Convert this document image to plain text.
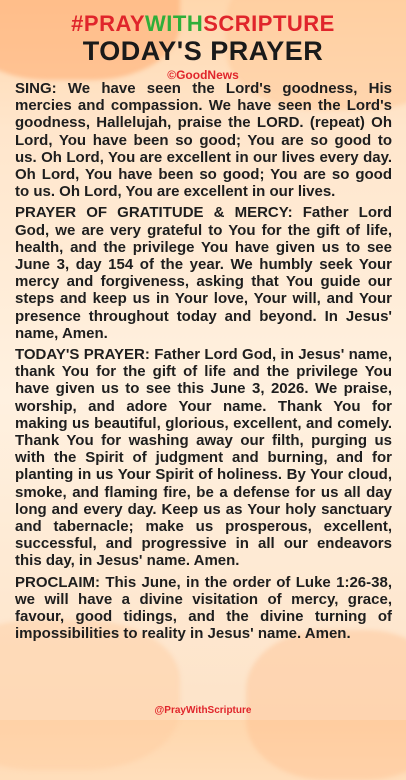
#PRAYWITHSCRIPTURE
TODAY'S PRAYER
©GoodNews

SING: We have seen the Lord's goodness, His mercies and compassion. We have seen the Lord's goodness, Hallelujah, praise the LORD. (repeat) Oh Lord, You have been so good; You are so good to us. Oh Lord, You are excellent in our lives every day. Oh Lord, You have been so good; You are so good to us. Oh Lord, You are excellent in our lives.

PRAYER OF GRATITUDE & MERCY: Father Lord God, we are very grateful to You for the gift of life, health, and the privilege You have given us to see June 3, day 154 of the year. We humbly seek Your mercy and forgiveness, asking that You guide our steps and keep us in Your love, Your will, and Your presence throughout today and beyond. In Jesus' name, Amen.

TODAY'S PRAYER: Father Lord God, in Jesus' name, thank You for the gift of life and the privilege You have given us to see this June 3, 2026. We praise, worship, and adore Your name. Thank You for making us beautiful, glorious, excellent, and comely. Thank You for washing away our filth, purging us with the Spirit of judgment and burning, and for planting in us Your Spirit of holiness. By Your cloud, smoke, and flaming fire, be a defense for us all day long and every day. Keep us as Your holy sanctuary and tabernacle; make us prosperous, excellent, successful, and progressive in all our endeavors this day, in Jesus' name. Amen.

PROCLAIM: This June, in the order of Luke 1:26-38, we will have a divine visitation of mercy, grace, favour, good tidings, and the divine turning of impossibilities to reality in Jesus' name. Amen.

@PrayWithScripture
